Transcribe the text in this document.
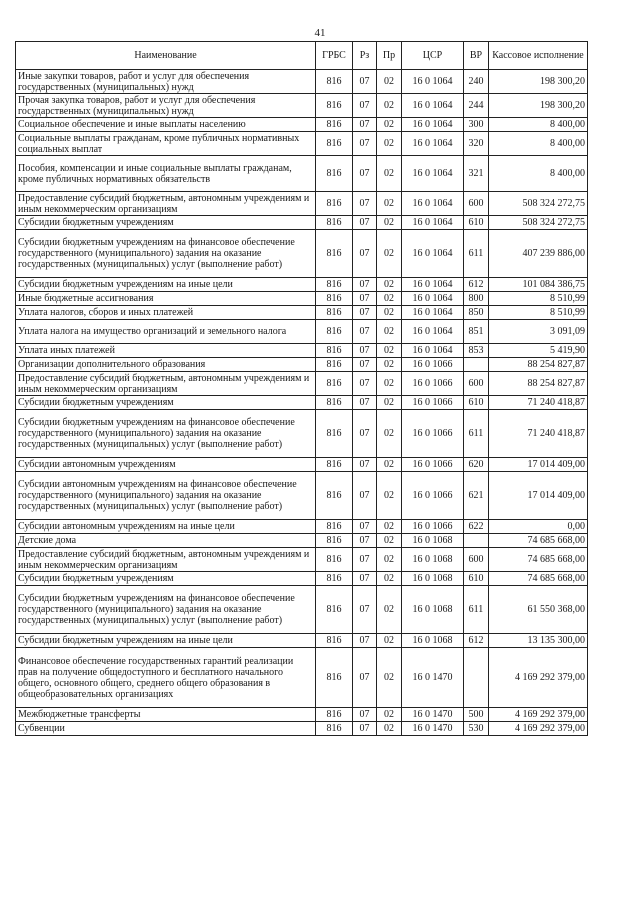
41
Наименование	ГРБС	Рз	Пр	ЦСР	ВР	Кассовое исполнение
Иные закупки товаров, работ и услуг для обеспечения государственных (муниципальных) нужд	816	07	02	16 0 1064	240	198 300,20
Прочая закупка товаров, работ и услуг для обеспечения государственных (муниципальных) нужд	816	07	02	16 0 1064	244	198 300,20
Социальное обеспечение и иные выплаты населению	816	07	02	16 0 1064	300	8 400,00
Социальные выплаты гражданам, кроме публичных нормативных социальных выплат	816	07	02	16 0 1064	320	8 400,00
Пособия, компенсации и иные социальные выплаты гражданам, кроме публичных нормативных обязательств	816	07	02	16 0 1064	321	8 400,00
Предоставление субсидий бюджетным, автономным учреждениям и иным некоммерческим организациям	816	07	02	16 0 1064	600	508 324 272,75
Субсидии бюджетным учреждениям	816	07	02	16 0 1064	610	508 324 272,75
Субсидии бюджетным учреждениям на финансовое обеспечение государственного (муниципального) задания на оказание государственных (муниципальных) услуг (выполнение работ)	816	07	02	16 0 1064	611	407 239 886,00
Субсидии бюджетным учреждениям на иные цели	816	07	02	16 0 1064	612	101 084 386,75
Иные бюджетные ассигнования	816	07	02	16 0 1064	800	8 510,99
Уплата налогов, сборов и иных платежей	816	07	02	16 0 1064	850	8 510,99
Уплата налога на имущество организаций и земельного налога	816	07	02	16 0 1064	851	3 091,09
Уплата иных платежей	816	07	02	16 0 1064	853	5 419,90
Организации дополнительного образования	816	07	02	16 0 1066		88 254 827,87
Предоставление субсидий бюджетным, автономным учреждениям и иным некоммерческим организациям	816	07	02	16 0 1066	600	88 254 827,87
Субсидии бюджетным учреждениям	816	07	02	16 0 1066	610	71 240 418,87
Субсидии бюджетным учреждениям на финансовое обеспечение государственного (муниципального) задания на оказание государственных (муниципальных) услуг (выполнение работ)	816	07	02	16 0 1066	611	71 240 418,87
Субсидии автономным учреждениям	816	07	02	16 0 1066	620	17 014 409,00
Субсидии автономным учреждениям на финансовое обеспечение государственного (муниципального) задания на оказание государственных (муниципальных) услуг (выполнение работ)	816	07	02	16 0 1066	621	17 014 409,00
Субсидии автономным учреждениям на иные цели	816	07	02	16 0 1066	622	0,00
Детские дома	816	07	02	16 0 1068		74 685 668,00
Предоставление субсидий бюджетным, автономным учреждениям и иным некоммерческим организациям	816	07	02	16 0 1068	600	74 685 668,00
Субсидии бюджетным учреждениям	816	07	02	16 0 1068	610	74 685 668,00
Субсидии бюджетным учреждениям на финансовое обеспечение государственного (муниципального) задания на оказание государственных (муниципальных) услуг (выполнение работ)	816	07	02	16 0 1068	611	61 550 368,00
Субсидии бюджетным учреждениям на иные цели	816	07	02	16 0 1068	612	13 135 300,00
Финансовое обеспечение государственных гарантий реализации прав на получение общедоступного и бесплатного начального общего, основного общего, среднего общего образования в общеобразовательных организациях	816	07	02	16 0 1470		4 169 292 379,00
Межбюджетные трансферты	816	07	02	16 0 1470	500	4 169 292 379,00
Субвенции	816	07	02	16 0 1470	530	4 169 292 379,00
